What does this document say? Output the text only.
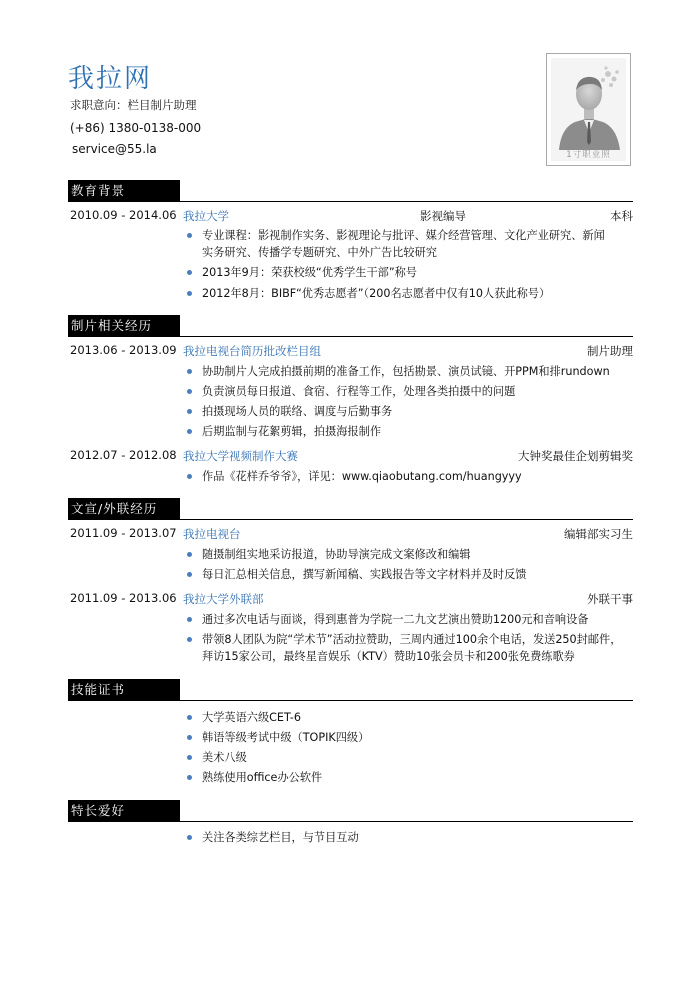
我拉网
求职意向：栏目制片助理
(+86) 1380-0138-000
service@55.la	1寸职业照
教育背景
2010.09 - 2014.06 我拉大学	影视编导	本科
专业课程：影视制作实务、影视理论与批评、媒介经营管理、文化产业研究、新闻
实务研究、传播学专题研究、中外广告比较研究
2013年9月：荣获校级“优秀学生干部”称号
2012年8月：BIBF“优秀志愿者”（200名志愿者中仅有10人获此称号）
制片相关经历
2013.06 - 2013.09 我拉电视台简历批改栏目组	制片助理
协助制片人完成拍摄前期的准备工作，包括勘景、演员试镜、开PPM和排rundown
负责演员每日报道、食宿、行程等工作，处理各类拍摄中的问题
拍摄现场人员的联络、调度与后勤事务
后期监制与花絮剪辑，拍摄海报制作
2012.07 - 2012.08 我拉大学视频制作大赛	大钟奖最佳企划剪辑奖
作品《花样乔爷爷》，详见：www.qiaobutang.com/huangyyy
文宣/外联经历
2011.09 - 2013.07 我拉电视台	编辑部实习生
随摄制组实地采访报道，协助导演完成文案修改和编辑
每日汇总相关信息，撰写新闻稿、实践报告等文字材料并及时反馈
2011.09 - 2013.06 我拉大学外联部	外联干事
通过多次电话与面谈，得到惠普为学院一二九文艺演出赞助1200元和音响设备
带领8人团队为院“学术节”活动拉赞助，三周内通过100余个电话，发送250封邮件，
拜访15家公司，最终星音娱乐（KTV）赞助10张会员卡和200张免费练歌券
技能证书
大学英语六级CET-6
韩语等级考试中级（TOPIK四级）
美术八级
熟练使用office办公软件
特长爱好
关注各类综艺栏目，与节目互动
